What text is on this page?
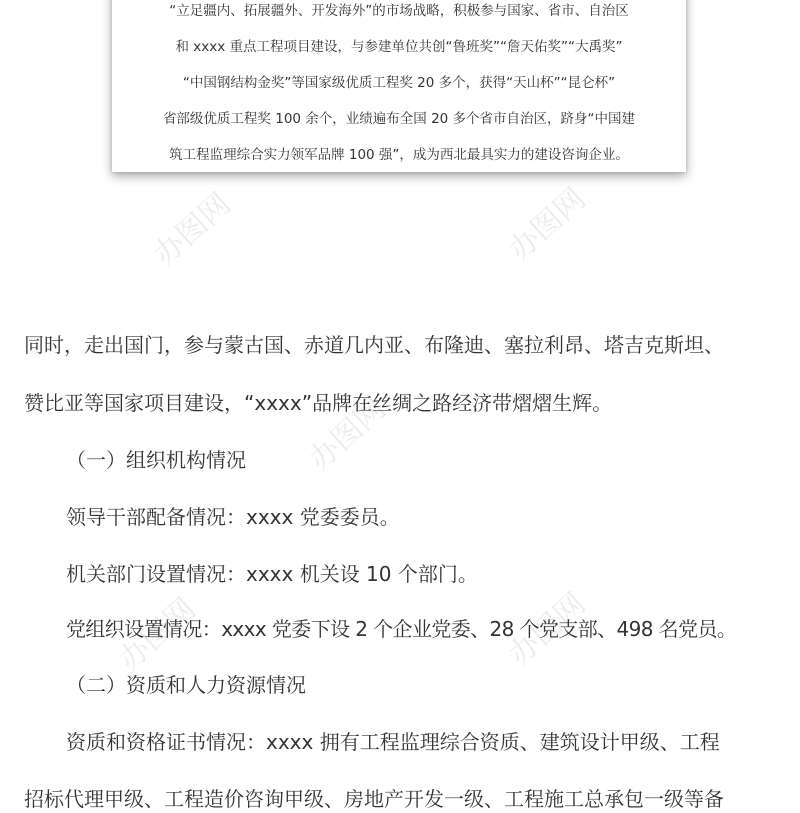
办图网	办图网
办图网
办图网	办图网
“立足疆内、拓展疆外、开发海外”的市场战略，积极参与国家、省市、自治区
和 xxxx 重点工程项目建设，与参建单位共创“鲁班奖”“詹天佑奖”“大禹奖”
“中国钢结构金奖”等国家级优质工程奖 20 多个，获得“天山杯”“昆仑杯”
省部级优质工程奖 100 余个，业绩遍布全国 20 多个省市自治区，跻身“中国建
筑工程监理综合实力领军品牌 100 强”，成为西北最具实力的建设咨询企业。
同时，走出国门，参与蒙古国、赤道几内亚、布隆迪、塞拉利昂、塔吉克斯坦、
赞比亚等国家项目建设，“xxxx”品牌在丝绸之路经济带熠熠生辉。
（一）组织机构情况
领导干部配备情况：xxxx 党委委员。
机关部门设置情况：xxxx 机关设 10 个部门。
党组织设置情况：xxxx 党委下设 2 个企业党委、28 个党支部、498 名党员。
（二）资质和人力资源情况
资质和资格证书情况：xxxx 拥有工程监理综合资质、建筑设计甲级、工程
招标代理甲级、工程造价咨询甲级、房地产开发一级、工程施工总承包一级等备
